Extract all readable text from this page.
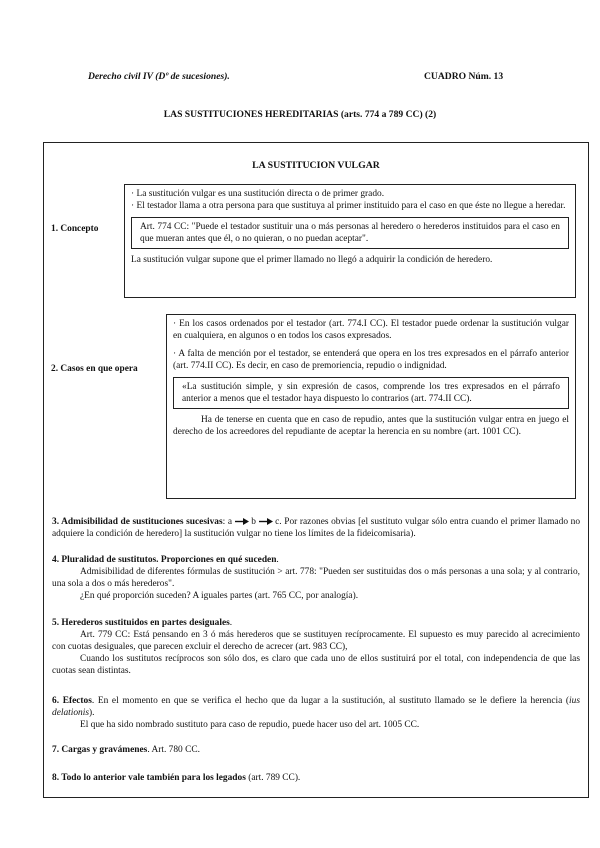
Derecho civil IV (Dº de sucesiones).	CUADRO Núm. 13
LAS SUSTITUCIONES HEREDITARIAS (arts. 774 a 789 CC) (2)
LA SUSTITUCION VULGAR
1. Concepto

· La sustitución vulgar es una sustitución directa o de primer grado.

· El testador llama a otra persona para que sustituya al primer instituido para el caso en que éste no llegue a heredar.

Art. 774 CC: "Puede el testador sustituir una o más personas al heredero o herederos instituidos para el caso en que mueran antes que él, o no quieran, o no puedan aceptar".

La sustitución vulgar supone que el primer llamado no llegó a adquirir la condición de heredero.

2. Casos en que opera

· En los casos ordenados por el testador (art. 774.I CC). El testador puede ordenar la sustitución vulgar en cualquiera, en algunos o en todos los casos expresados.

· A falta de mención por el testador, se entenderá que opera en los tres expresados en el párrafo anterior (art. 774.II CC). Es decir, en caso de premoriencia, repudio o indignidad.

«La sustitución simple, y sin expresión de casos, comprende los tres expresados en el párrafo anterior a menos que el testador haya dispuesto lo contrarios (art. 774.II CC).

Ha de tenerse en cuenta que en caso de repudio, antes que la sustitución vulgar entra en juego el derecho de los acreedores del repudiante de aceptar la herencia en su nombre (art. 1001 CC).

3. Admisibilidad de sustituciones sucesivas: a b c. Por razones obvias [el sustituto vulgar sólo entra cuando el primer llamado no adquiere la condición de heredero] la sustitución vulgar no tiene los límites de la fideicomisaria).

4. Pluralidad de sustitutos. Proporciones en qué suceden.

Admisibilidad de diferentes fórmulas de sustitución > art. 778: "Pueden ser sustituidas dos o más personas a una sola; y al contrario, una sola a dos o más herederos".

¿En qué proporción suceden? A iguales partes (art. 765 CC, por analogía).

5. Herederos sustituidos en partes desiguales.

Art. 779 CC: Está pensando en 3 ó más herederos que se sustituyen recíprocamente. El supuesto es muy parecido al acrecimiento con cuotas desiguales, que parecen excluir el derecho de acrecer (art. 983 CC),

Cuando los sustitutos recíprocos son sólo dos, es claro que cada uno de ellos sustituirá por el total, con independencia de que las cuotas sean distintas.

6. Efectos. En el momento en que se verifica el hecho que da lugar a la sustitución, al sustituto llamado se le defiere la herencia (ius delationis).

El que ha sido nombrado sustituto para caso de repudio, puede hacer uso del art. 1005 CC.

7. Cargas y gravámenes. Art. 780 CC.
8. Todo lo anterior vale también para los legados (art. 789 CC).
